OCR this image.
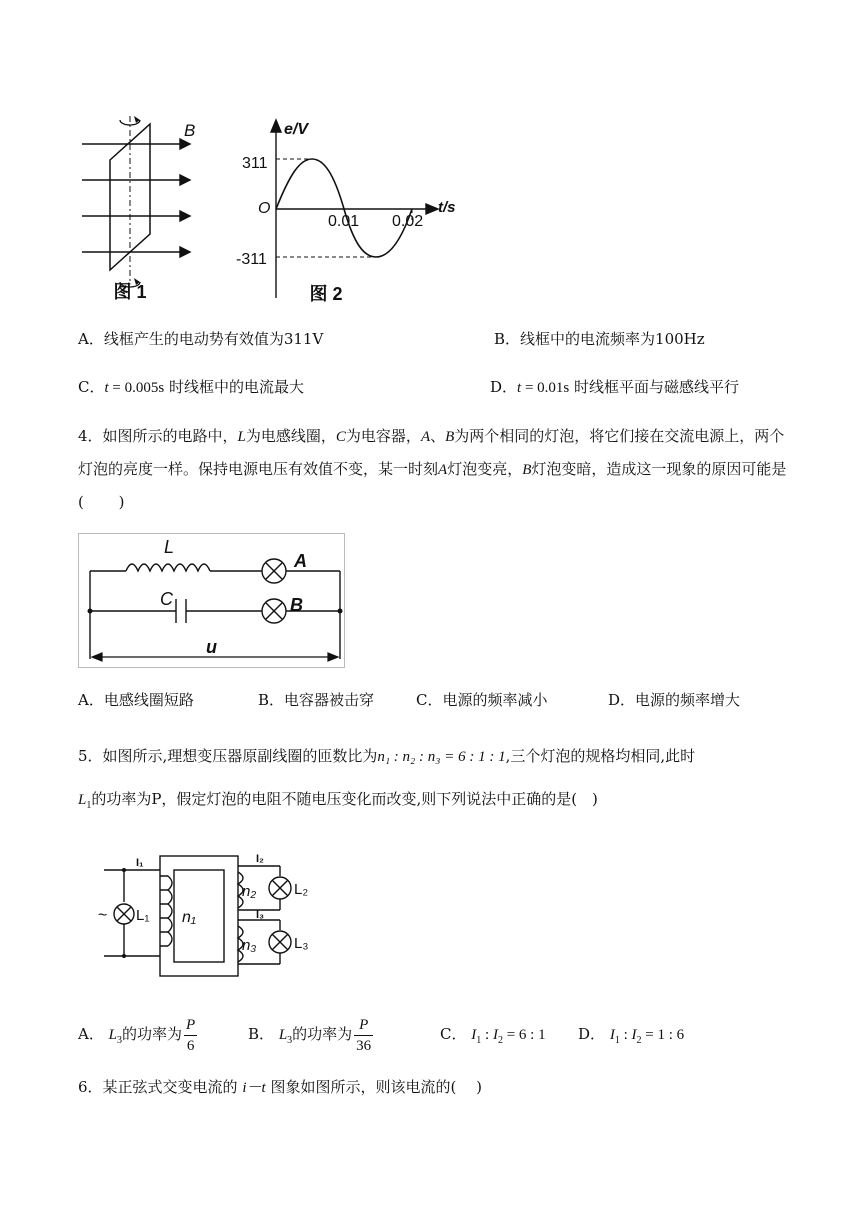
B
图 1
e/V
t/s
O
311
-311
0.01 0.02
图 2
A．线框产生的电动势有效值为311V	B．线框中的电流频率为100Hz
C．t = 0.005s 时线框中的电流最大	D．t = 0.01s 时线框平面与磁感线平行
4．如图所示的电路中，L为电感线圈，C为电容器，A、B为两个相同的灯泡，将它们接在交流电源上，两个灯泡的亮度一样。保持电源电压有效值不变，某一时刻A灯泡变亮，B灯泡变暗，造成这一现象的原因可能是(　　 )
L
C
A
B
u
A．电感线圈短路	B．电容器被击穿	C．电源的频率减小	D．电源的频率增大
5．如图所示,理想变压器原副线圈的匝数比为n₁ : n₂ : n₃ = 6 : 1 : 1,三个灯泡的规格均相同,此时
$L_1$的功率为P，假定灯泡的电阻不随电压变化而改变,则下列说法中正确的是(　)
I₁	I₂
I₃
n₁
n₂
n₃
L₁
L₂
L₃
~
A． $L_3$的功率为 $\frac{P}{6}$	B． $L_3$的功率为 $\frac{P}{36}$	C． $I_1$ : $I_2 = 6$ : 1 D． $I_1$ : $I_2 = 1$ : 6
6．某正弦式交变电流的 i－t 图象如图所示，则该电流的(　 )
